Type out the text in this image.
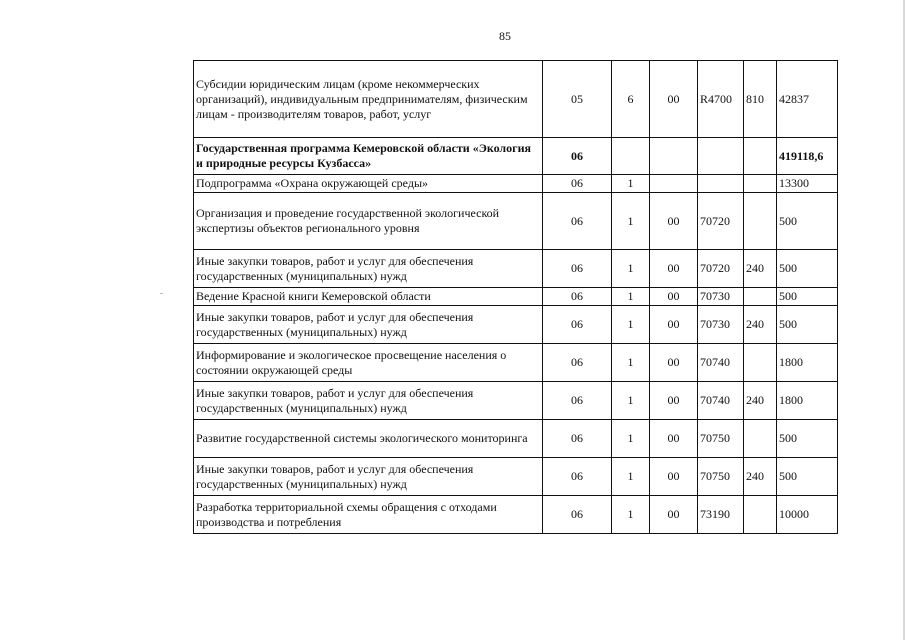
85
Субсидии юридическим лицам (кроме некоммерческих организаций), индивидуальным предпринимателям, физическим лицам - производителям товаров, работ, услуг	05	6	00	R4700	810	42837
Государственная программа Кемеровской области «Экология и природные ресурсы Кузбасса»	06					419118,6
Подпрограмма «Охрана окружающей среды»	06	1				13300
Организация и проведение государственной экологической экспертизы объектов регионального уровня	06	1	00	70720		500
Иные закупки товаров, работ и услуг для обеспечения государственных (муниципальных) нужд	06	1	00	70720	240	500
Ведение Красной книги Кемеровской области	06	1	00	70730		500
Иные закупки товаров, работ и услуг для обеспечения государственных (муниципальных) нужд	06	1	00	70730	240	500
Информирование и экологическое просвещение населения о состоянии окружающей среды	06	1	00	70740		1800
Иные закупки товаров, работ и услуг для обеспечения государственных (муниципальных) нужд	06	1	00	70740	240	1800
Развитие государственной системы экологического мониторинга	06	1	00	70750		500
Иные закупки товаров, работ и услуг для обеспечения государственных (муниципальных) нужд	06	1	00	70750	240	500
Разработка территориальной схемы обращения с отходами производства и потребления	06	1	00	73190		10000
